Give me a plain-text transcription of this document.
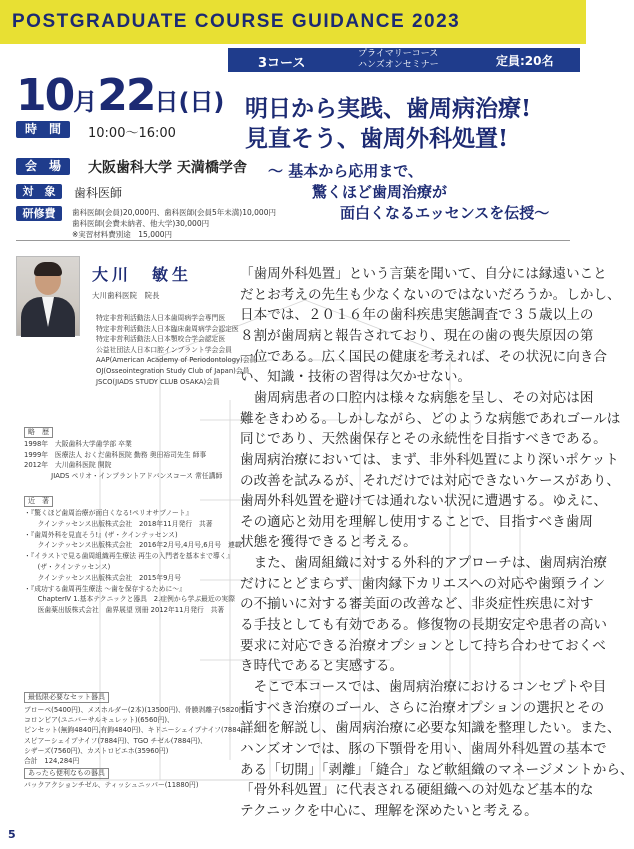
POSTGRADUATE COURSE GUIDANCE 2023
3コース
プライマリーコース
ハンズオンセミナー	定員:20名
10月22日(日) 明日から実践、歯周病治療!
見直そう、歯周外科処置!
時　間	10:00〜16:00
会　場	大阪歯科大学 天満橋学舎 〜 基本から応用まで、
驚くほど歯周治療が
面白くなるエッセンスを伝授〜
対　象	歯科医師
研修費	歯科医師(会員)20,000円、歯科医師(会員5年未満)10,000円
歯科医師(会費未納者、他大学)30,000円
※実習材料費別途　15,000円
大川　敏生
大川歯科医院　院長
特定非営利活動法人日本歯周病学会専門医
特定非営利活動法人日本臨床歯周病学会認定医
特定非営利活動法人日本顎咬合学会認定医
公益社団法人日本口腔インプラント学会会員
AAP(American Academy of Periodontology)会員
OJ(Osseointegration Study Club of Japan)会員
JSCO(JIADS STUDY CLUB OSAKA)会員
略　歴
1998年　大阪歯科大学歯学部 卒業
1999年　医療法人 おくだ歯科医院 勤務 奥田裕司先生 師事
2012年　大川歯科医院 開院
　　　　JIADS ペリオ・インプラントアドバンスコース 常任講師
近　著
・『驚くほど歯周治療が面白くなる!ペリオサプノート』
　　クインテッセンス出版株式会社　2018年11月発行　共著
・『歯周外科を見直そう!』(ザ・クインテッセンス)
　　クインテッセンス出版株式会社　2016年2月号,4月号,6月号　連載
・『イラストで見る歯周組織再生療法 再生の入門者を基本まで導く』
　　(ザ・クインテッセンス)
　　クインテッセンス出版株式会社　2015年9月号
・『成功する歯周再生療法 〜歯を保存するために〜』
　　ChapterⅣ 1.基本テクニックと器具　2.症例から学ぶ最近の実際
　　医歯薬出版株式会社　歯界展望 別冊 2012年11月発行　共著
最低限必要なセット器具
ブローペ(5400円)、メスホルダー(2本)(13500円)、骨膜剥離子(5820円)、
コロンビア(ユニバーサルキュレット)(6560円)、
ピンセット(無鉤4840円,有鉤4840円)、キドニーシェイプナイフ(7884円)、
スピアーシェイプナイフ(7884円)、TGO チゼル(7884円)、
シザーズ(7560円)、カストロビエホ(35960円)
合計　124,284円
あったら便利なもの器具
バックアクションチゼル、ティッシュニッパー(11880円)
「歯周外科処置」という言葉を聞いて、自分には縁遠いこと
だとお考えの先生も少なくないのではないだろうか。しかし、
日本では、２０１６年の歯科疾患実態調査で３５歳以上の
８割が歯周病と報告されており、現在の歯の喪失原因の第
一位である。広く国民の健康を考えれば、その状況に向き合
い、知識・技術の習得は欠かせない。
　歯周病患者の口腔内は様々な病態を呈し、その対応は困
難をきわめる。しかしながら、どのような病態であれゴールは
同じであり、天然歯保存とその永続性を目指すべきである。
歯周病治療においては、まず、非外科処置により深いポケット
の改善を試みるが、それだけでは対応できないケースがあり、
歯周外科処置を避けては通れない状況に遭遇する。ゆえに、
その適応と効用を理解し使用することで、目指すべき歯周
状態を獲得できると考える。
　また、歯周組織に対する外科的アプローチは、歯周病治療
だけにとどまらず、歯肉縁下カリエスへの対応や歯頸ライン
の不揃いに対する審美面の改善など、非炎症性疾患に対す
る手技としても有効である。修復物の長期安定や患者の高い
要求に対応できる治療オプションとして持ち合わせておくべ
き時代であると実感する。
　そこで本コースでは、歯周病治療におけるコンセプトや目
指すべき治療のゴール、さらに治療オプションの選択とその
詳細を解説し、歯周病治療に必要な知識を整理したい。また、
ハンズオンでは、豚の下顎骨を用い、歯周外科処置の基本で
ある「切開」「剥離」「縫合」など軟組織のマネージメントから、
「骨外科処置」に代表される硬組織への対処など基本的な
テクニックを中心に、理解を深めたいと考える。
5
